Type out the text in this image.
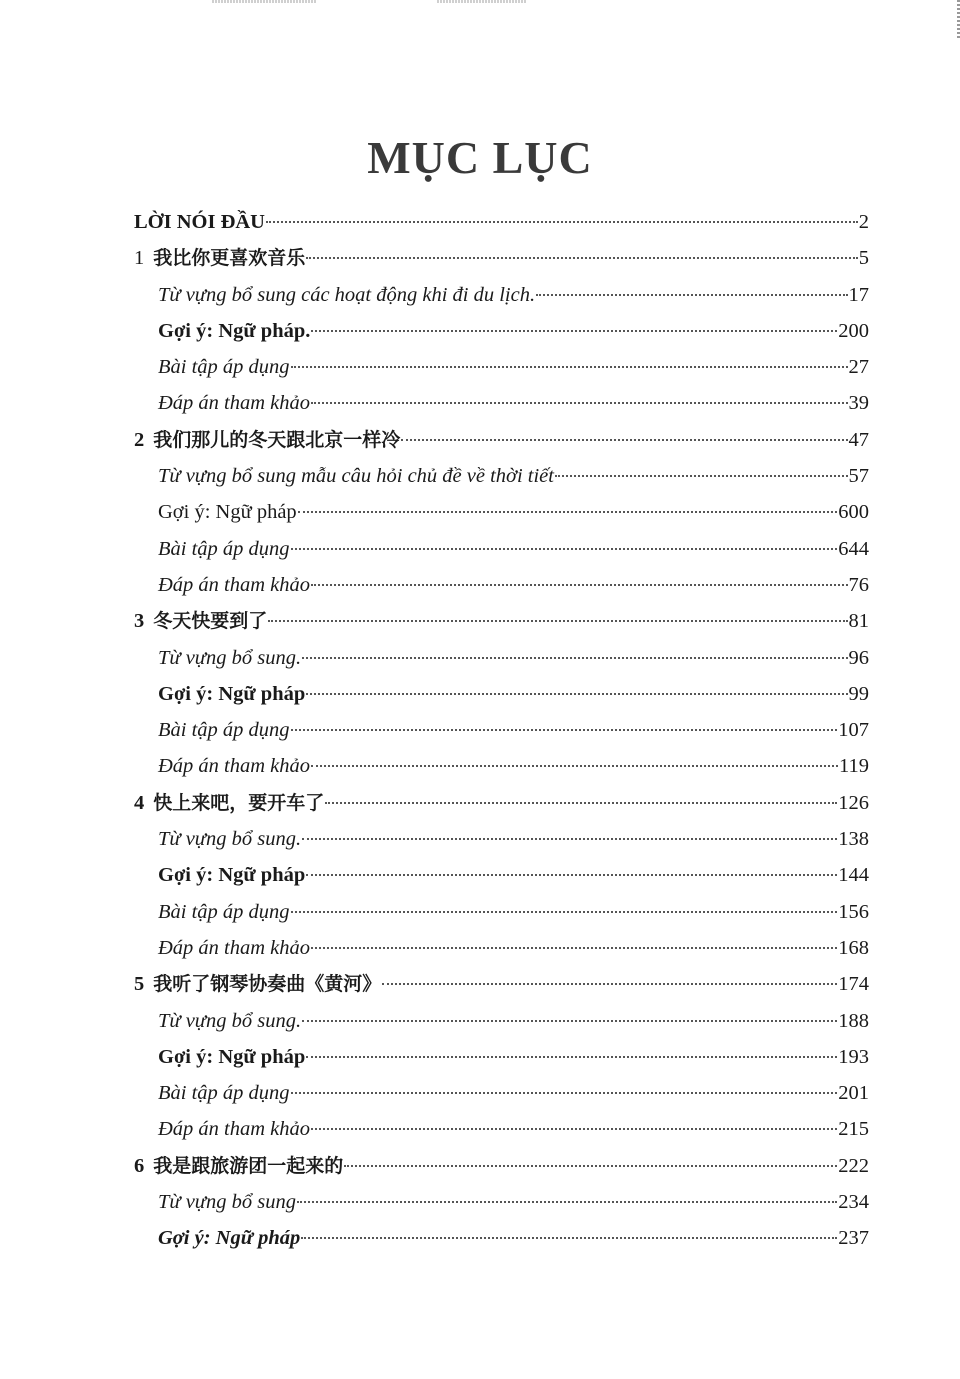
MỤC LỤC
LỜI NÓI ĐẦU	2
1 我比你更喜欢音乐	5
Từ vựng bổ sung các hoạt động khi đi du lịch.	17
Gợi ý: Ngữ pháp.	200
Bài tập áp dụng	27
Đáp án tham khảo	39
2 我们那儿的冬天跟北京一样冷	47
Từ vựng bổ sung mẫu câu hỏi chủ đề về thời tiết	57
Gợi ý: Ngữ pháp	600
Bài tập áp dụng	644
Đáp án tham khảo	76
3 冬天快要到了	81
Từ vựng bổ sung.	96
Gợi ý: Ngữ pháp	99
Bài tập áp dụng	107
Đáp án tham khảo	119
4 快上来吧，要开车了	126
Từ vựng bổ sung.	138
Gợi ý: Ngữ pháp	144
Bài tập áp dụng	156
Đáp án tham khảo	168
5 我听了钢琴协奏曲《黄河》	174
Từ vựng bổ sung.	188
Gợi ý: Ngữ pháp	193
Bài tập áp dụng	201
Đáp án tham khảo	215
6 我是跟旅游团一起来的	222
Từ vựng bổ sung	234
Gợi ý: Ngữ pháp	237
